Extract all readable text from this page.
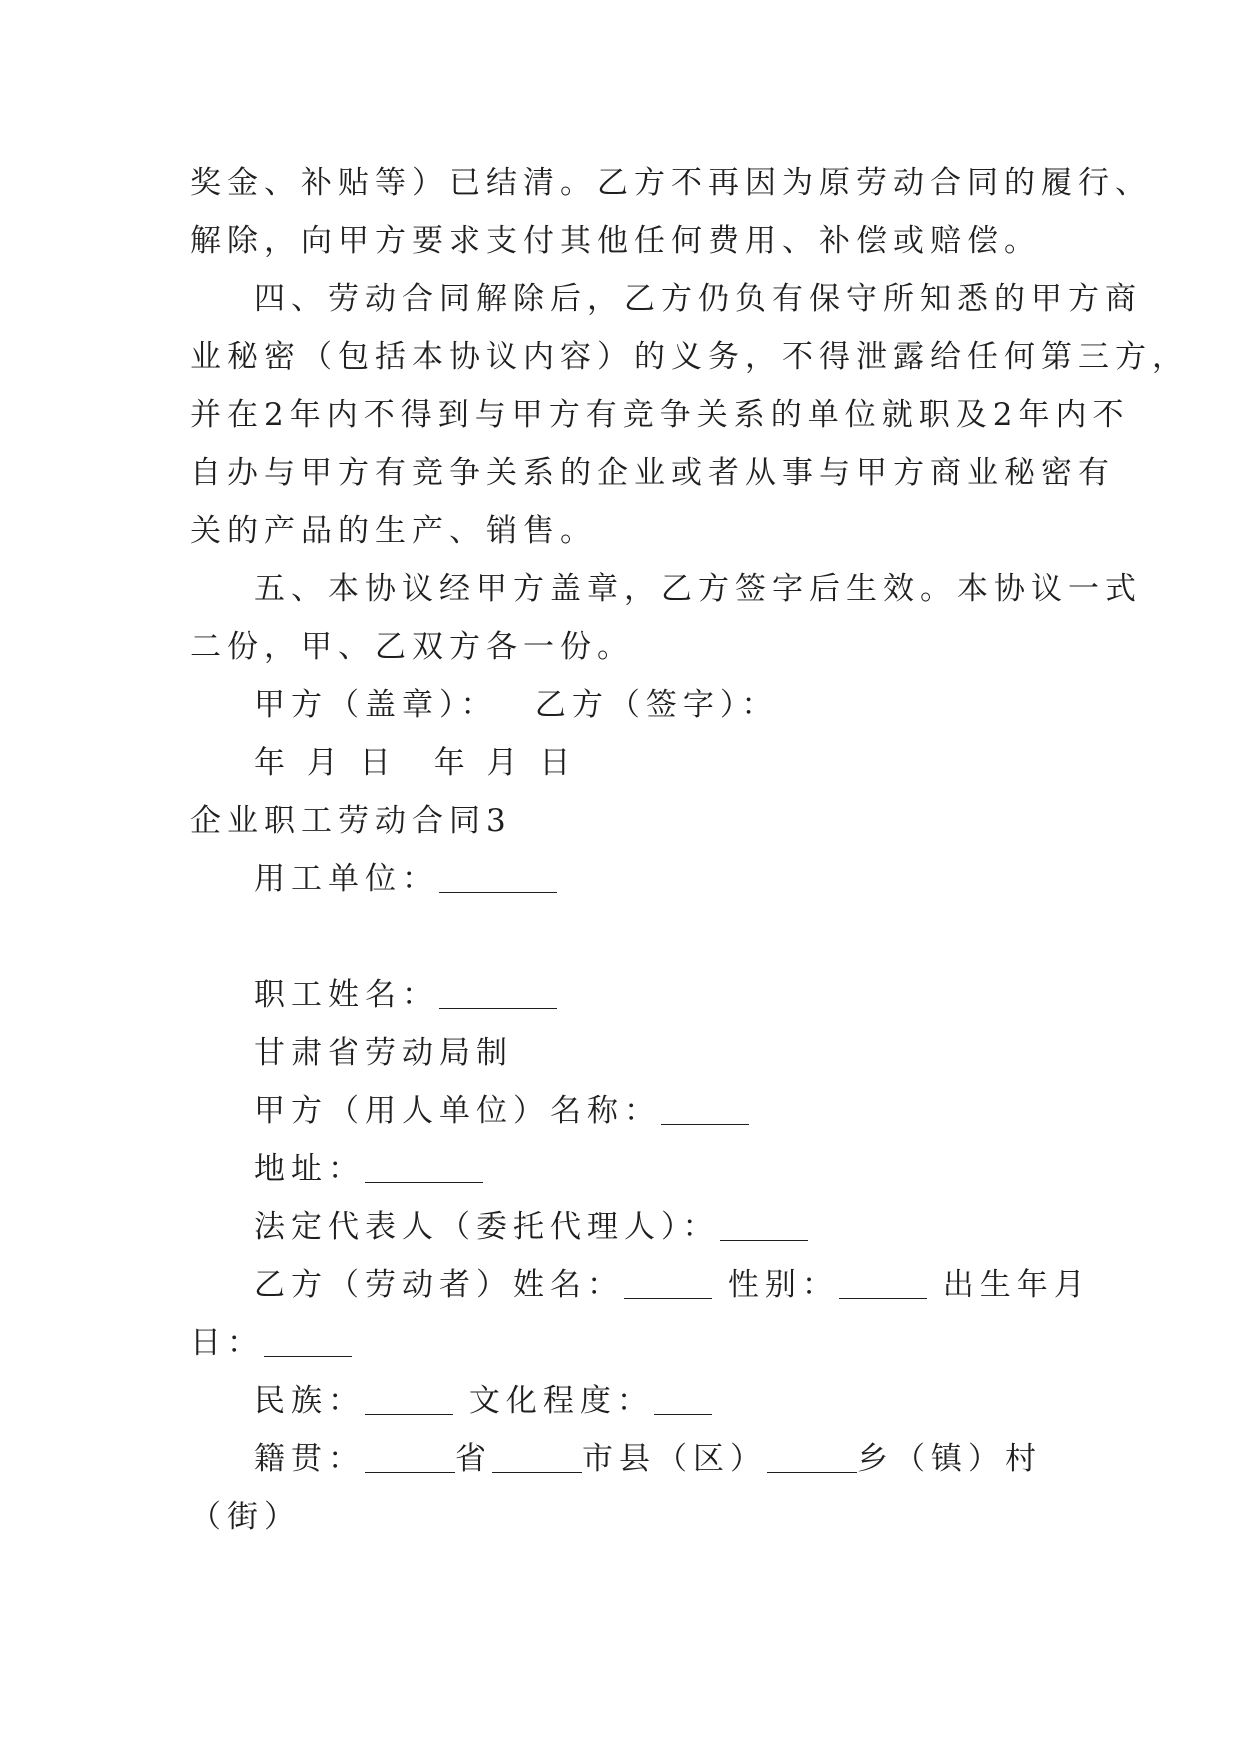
奖金、补贴等）已结清。乙方不再因为原劳动合同的履行、
解除，向甲方要求支付其他任何费用、补偿或赔偿。
四、劳动合同解除后，乙方仍负有保守所知悉的甲方商
业秘密（包括本协议内容）的义务，不得泄露给任何第三方，
并在2年内不得到与甲方有竞争关系的单位就职及2年内不
自办与甲方有竞争关系的企业或者从事与甲方商业秘密有
关的产品的生产、销售。
五、本协议经甲方盖章，乙方签字后生效。本协议一式
二份，甲、乙双方各一份。
甲方（盖章）：　 乙方（签字）：
年 月 日　年 月 日
企业职工劳动合同3
用工单位：
职工姓名：
甘肃省劳动局制
甲方（用人单位）名称：
地址：
法定代表人（委托代理人）：
乙方（劳动者）姓名：	性别：	出生年月
日：
民族：	文化程度：
籍贯：	省	市县（区）	乡（镇）村
（街）
